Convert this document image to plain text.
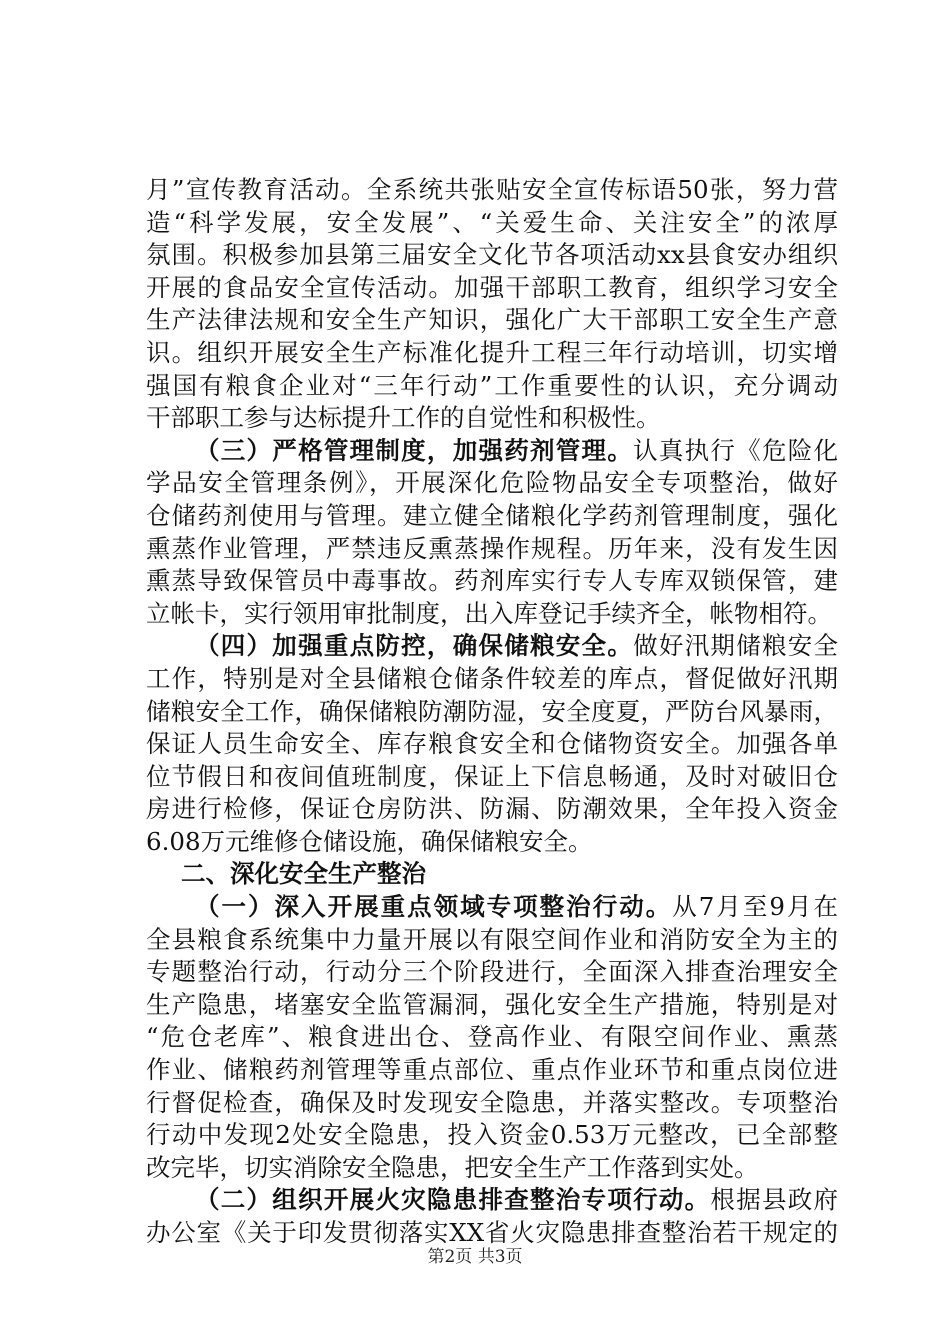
月”宣传教育活动。全系统共张贴安全宣传标语50张，努力营
造“科学发展，安全发展”、“关爱生命、关注安全”的浓厚
氛围。积极参加县第三届安全文化节各项活动xx县食安办组织
开展的食品安全宣传活动。加强干部职工教育，组织学习安全
生产法律法规和安全生产知识，强化广大干部职工安全生产意
识。组织开展安全生产标准化提升工程三年行动培训，切实增
强国有粮食企业对“三年行动”工作重要性的认识，充分调动
干部职工参与达标提升工作的自觉性和积极性。
（三）严格管理制度，加强药剂管理。认真执行《危险化
学品安全管理条例》，开展深化危险物品安全专项整治，做好
仓储药剂使用与管理。建立健全储粮化学药剂管理制度，强化
熏蒸作业管理，严禁违反熏蒸操作规程。历年来，没有发生因
熏蒸导致保管员中毒事故。药剂库实行专人专库双锁保管，建
立帐卡，实行领用审批制度，出入库登记手续齐全，帐物相符。
（四）加强重点防控，确保储粮安全。做好汛期储粮安全
工作，特别是对全县储粮仓储条件较差的库点，督促做好汛期
储粮安全工作，确保储粮防潮防湿，安全度夏，严防台风暴雨，
保证人员生命安全、库存粮食安全和仓储物资安全。加强各单
位节假日和夜间值班制度，保证上下信息畅通，及时对破旧仓
房进行检修，保证仓房防洪、防漏、防潮效果，全年投入资金
6.08万元维修仓储设施，确保储粮安全。
二、深化安全生产整治
（一）深入开展重点领域专项整治行动。从7月至9月在
全县粮食系统集中力量开展以有限空间作业和消防安全为主的
专题整治行动，行动分三个阶段进行，全面深入排查治理安全
生产隐患，堵塞安全监管漏洞，强化安全生产措施，特别是对
“危仓老库”、粮食进出仓、登高作业、有限空间作业、熏蒸
作业、储粮药剂管理等重点部位、重点作业环节和重点岗位进
行督促检查，确保及时发现安全隐患，并落实整改。专项整治
行动中发现2处安全隐患，投入资金0.53万元整改，已全部整
改完毕，切实消除安全隐患，把安全生产工作落到实处。
（二）组织开展火灾隐患排查整治专项行动。根据县政府
办公室《关于印发贯彻落实XX省火灾隐患排查整治若干规定的
第2页 共3页
